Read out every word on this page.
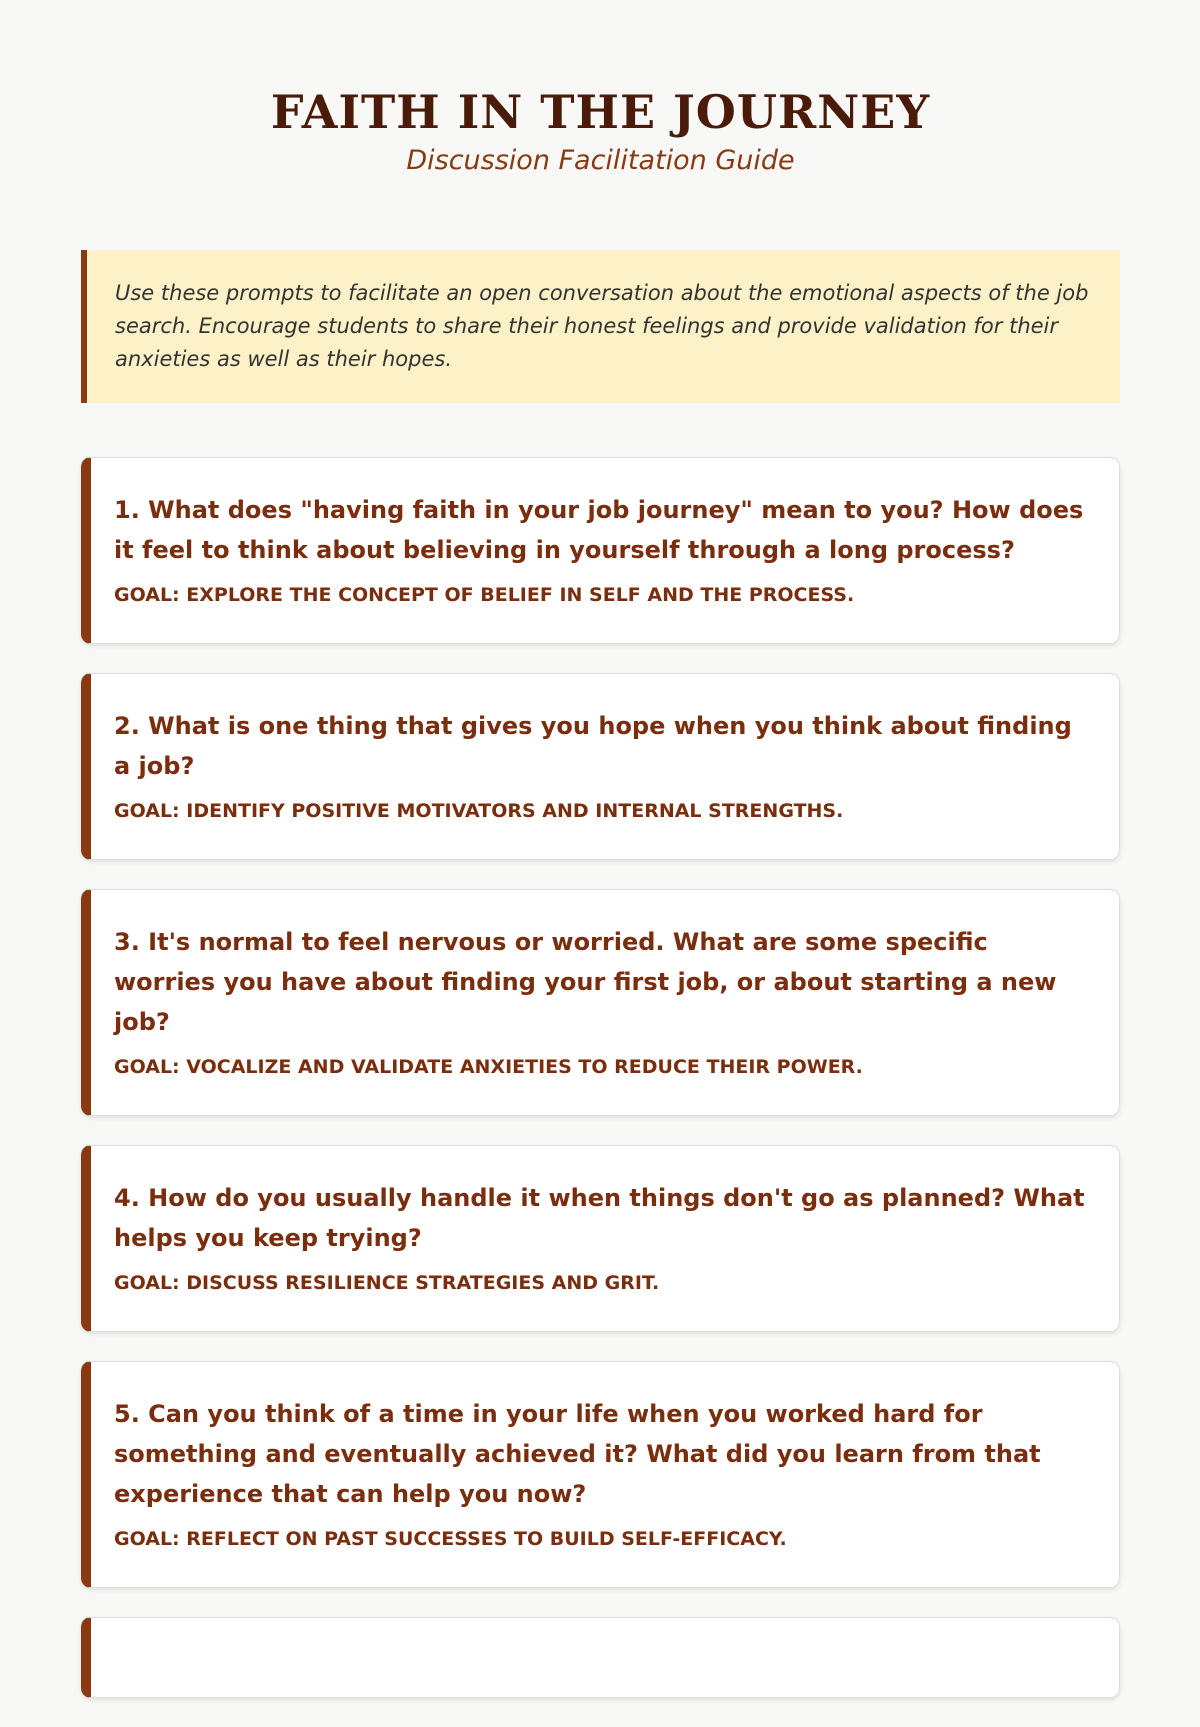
FAITH IN THE JOURNEY
Discussion Facilitation Guide
Use these prompts to facilitate an open conversation about the emotional aspects of the job search. Encourage students to share their honest feelings and provide validation for their anxieties as well as their hopes.

1. What does "having faith in your job journey" mean to you? How does it feel to think about believing in yourself through a long process?

GOAL: EXPLORE THE CONCEPT OF BELIEF IN SELF AND THE PROCESS.

2. What is one thing that gives you hope when you think about finding a job?

GOAL: IDENTIFY POSITIVE MOTIVATORS AND INTERNAL STRENGTHS.

3. It's normal to feel nervous or worried. What are some specific worries you have about finding your first job, or about starting a new job?

GOAL: VOCALIZE AND VALIDATE ANXIETIES TO REDUCE THEIR POWER.

4. How do you usually handle it when things don't go as planned? What helps you keep trying?

GOAL: DISCUSS RESILIENCE STRATEGIES AND GRIT.

5. Can you think of a time in your life when you worked hard for something and eventually achieved it? What did you learn from that experience that can help you now?

GOAL: REFLECT ON PAST SUCCESSES TO BUILD SELF-EFFICACY.
